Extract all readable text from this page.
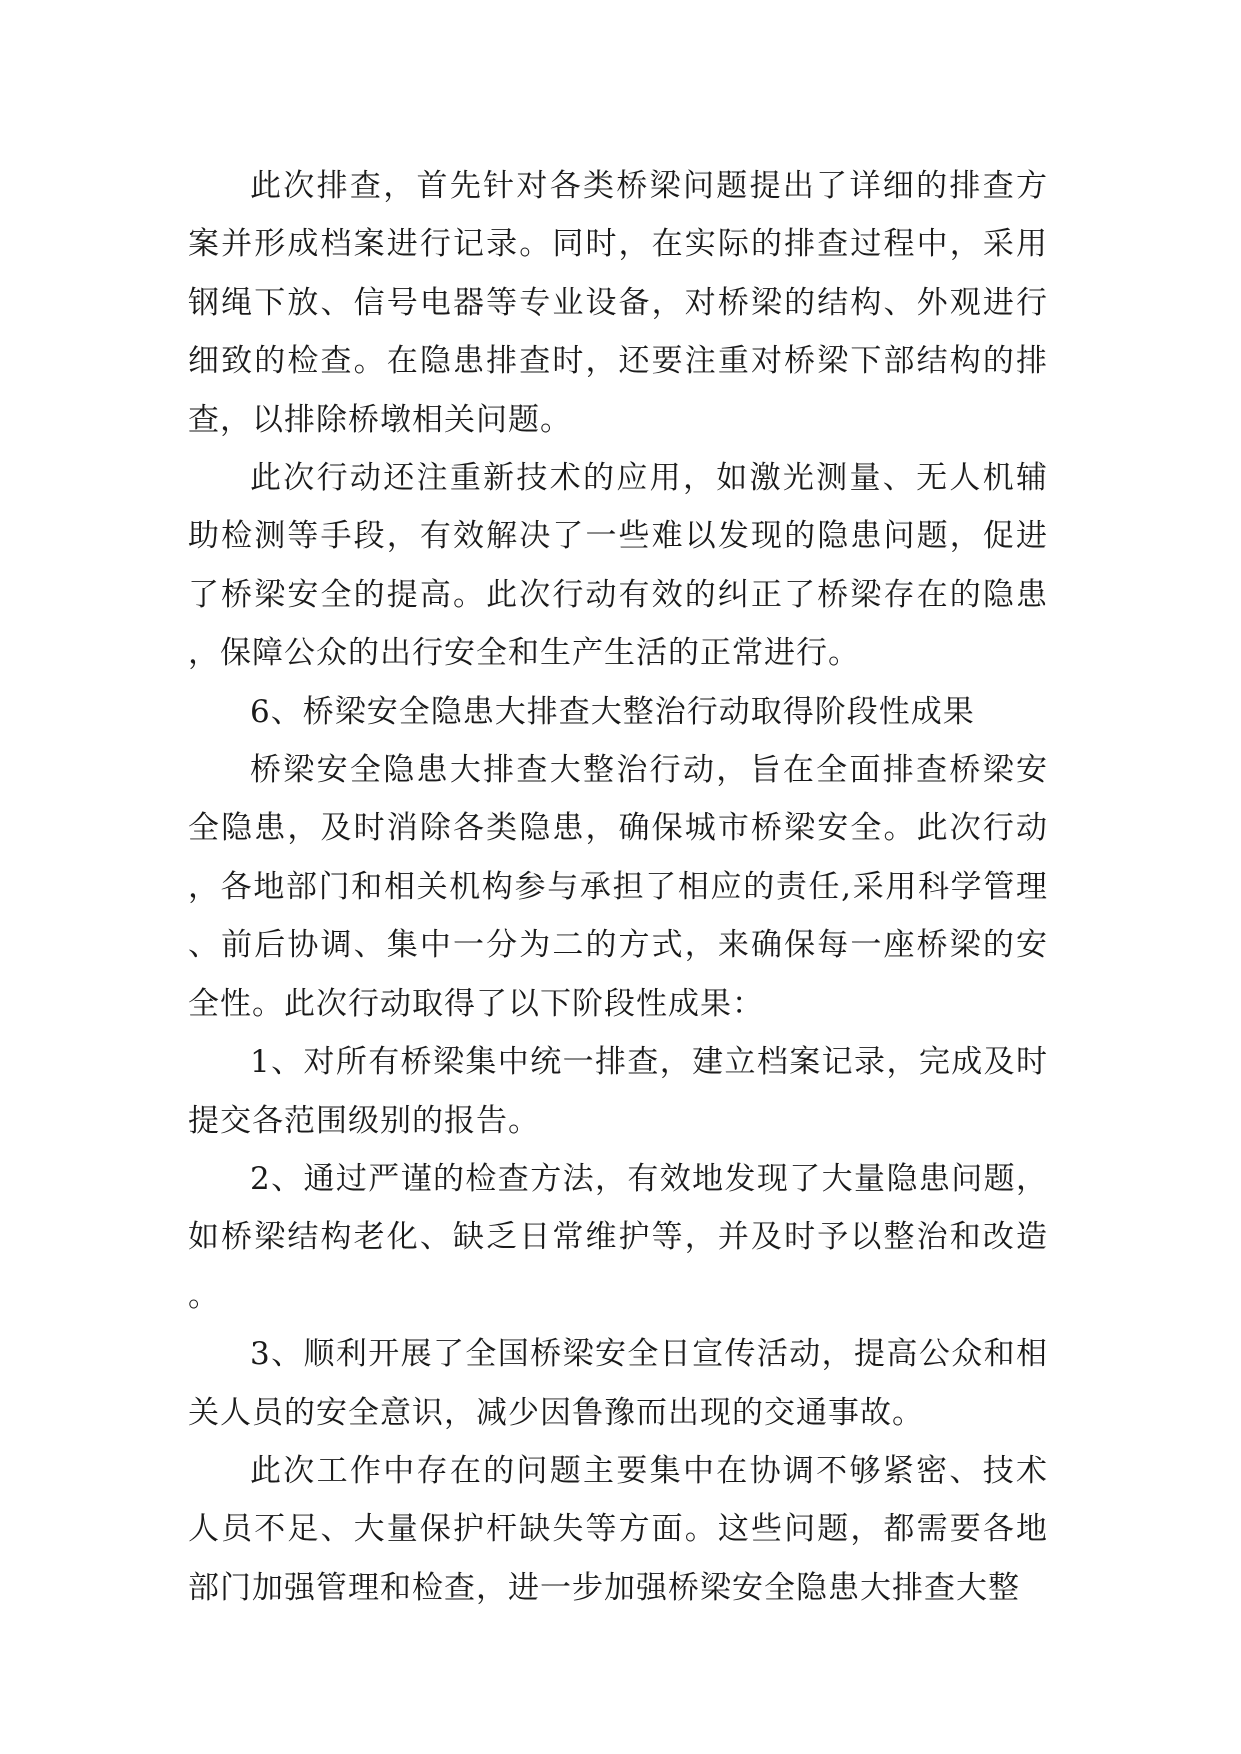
此次排查，首先针对各类桥梁问题提出了详细的排查方案并形成档案进行记录。同时，在实际的排查过程中，采用钢绳下放、信号电器等专业设备，对桥梁的结构、外观进行细致的检查。在隐患排查时，还要注重对桥梁下部结构的排查，以排除桥墩相关问题。

此次行动还注重新技术的应用，如激光测量、无人机辅助检测等手段，有效解决了一些难以发现的隐患问题，促进了桥梁安全的提高。此次行动有效的纠正了桥梁存在的隐患，保障公众的出行安全和生产生活的正常进行。

6、桥梁安全隐患大排查大整治行动取得阶段性成果

桥梁安全隐患大排查大整治行动，旨在全面排查桥梁安全隐患，及时消除各类隐患，确保城市桥梁安全。此次行动，各地部门和相关机构参与承担了相应的责任,采用科学管理、前后协调、集中一分为二的方式，来确保每一座桥梁的安全性。此次行动取得了以下阶段性成果：

1、对所有桥梁集中统一排查，建立档案记录，完成及时提交各范围级别的报告。

2、通过严谨的检查方法，有效地发现了大量隐患问题，如桥梁结构老化、缺乏日常维护等，并及时予以整治和改造。

3、顺利开展了全国桥梁安全日宣传活动，提高公众和相关人员的安全意识，减少因鲁豫而出现的交通事故。

此次工作中存在的问题主要集中在协调不够紧密、技术人员不足、大量保护杆缺失等方面。这些问题，都需要各地部门加强管理和检查，进一步加强桥梁安全隐患大排查大整
